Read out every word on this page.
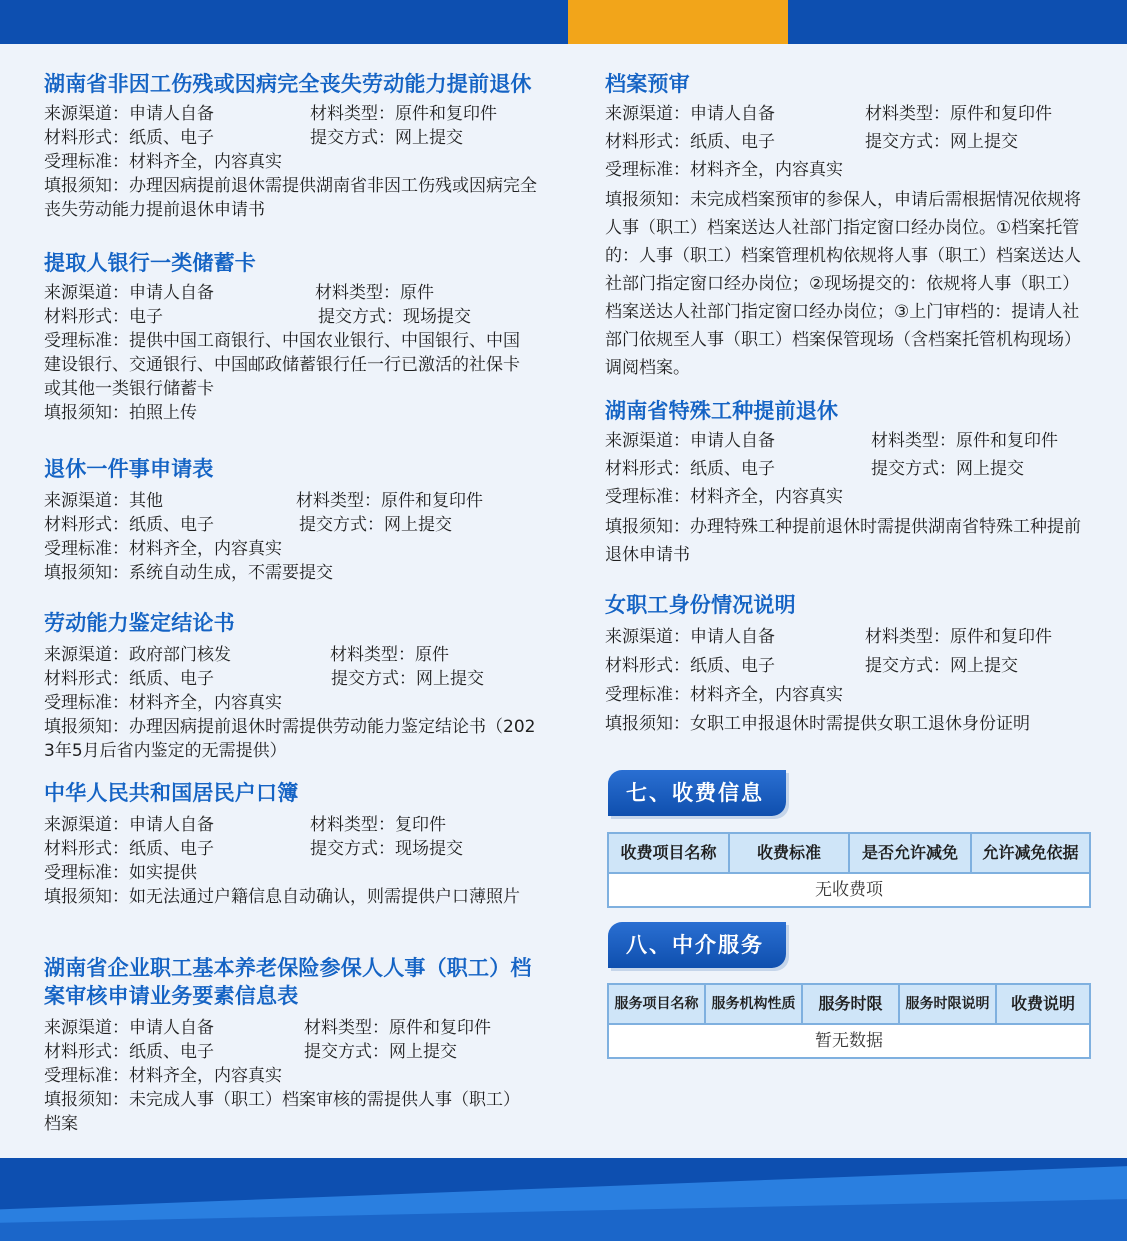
湖南省非因工伤残或因病完全丧失劳动能力提前退休
来源渠道：申请人自备	材料类型：原件和复印件
材料形式：纸质、电子	提交方式：网上提交
受理标准：材料齐全，内容真实
填报须知：办理因病提前退休需提供湖南省非因工伤残或因病完全丧失劳动能力提前退休申请书
提取人银行一类储蓄卡
来源渠道：申请人自备	材料类型：原件
材料形式：电子	提交方式：现场提交
受理标准：提供中国工商银行、中国农业银行、中国银行、中国建设银行、交通银行、中国邮政储蓄银行任一行已激活的社保卡或其他一类银行储蓄卡
填报须知：拍照上传
退休一件事申请表
来源渠道：其他	材料类型：原件和复印件
材料形式：纸质、电子	提交方式：网上提交
受理标准：材料齐全，内容真实
填报须知：系统自动生成，不需要提交
劳动能力鉴定结论书
来源渠道：政府部门核发	材料类型：原件
材料形式：纸质、电子	提交方式：网上提交
受理标准：材料齐全，内容真实
填报须知：办理因病提前退休时需提供劳动能力鉴定结论书（2023年5月后省内鉴定的无需提供）
中华人民共和国居民户口簿
来源渠道：申请人自备	材料类型：复印件
材料形式：纸质、电子	提交方式：现场提交
受理标准：如实提供
填报须知：如无法通过户籍信息自动确认，则需提供户口薄照片
湖南省企业职工基本养老保险参保人人事（职工）档案审核申请业务要素信息表
来源渠道：申请人自备	材料类型：原件和复印件
材料形式：纸质、电子	提交方式：网上提交
受理标准：材料齐全，内容真实
填报须知：未完成人事（职工）档案审核的需提供人事（职工）档案
档案预审
来源渠道：申请人自备	材料类型：原件和复印件
材料形式：纸质、电子	提交方式：网上提交
受理标准：材料齐全，内容真实
填报须知：未完成档案预审的参保人，申请后需根据情况依规将人事（职工）档案送达人社部门指定窗口经办岗位。①档案托管的：人事（职工）档案管理机构依规将人事（职工）档案送达人社部门指定窗口经办岗位；②现场提交的：依规将人事（职工）档案送达人社部门指定窗口经办岗位；③上门审档的：提请人社部门依规至人事（职工）档案保管现场（含档案托管机构现场）调阅档案。
湖南省特殊工种提前退休
来源渠道：申请人自备	材料类型：原件和复印件
材料形式：纸质、电子	提交方式：网上提交
受理标准：材料齐全，内容真实
填报须知：办理特殊工种提前退休时需提供湖南省特殊工种提前退休申请书
女职工身份情况说明
来源渠道：申请人自备	材料类型：原件和复印件
材料形式：纸质、电子	提交方式：网上提交
受理标准：材料齐全，内容真实
填报须知：女职工申报退休时需提供女职工退休身份证明
七、收费信息
收费项目名称	收费标准	是否允许减免	允许减免依据
无收费项
八、中介服务
服务项目名称 服务机构性质	服务时限	服务时限说明	收费说明
暂无数据
